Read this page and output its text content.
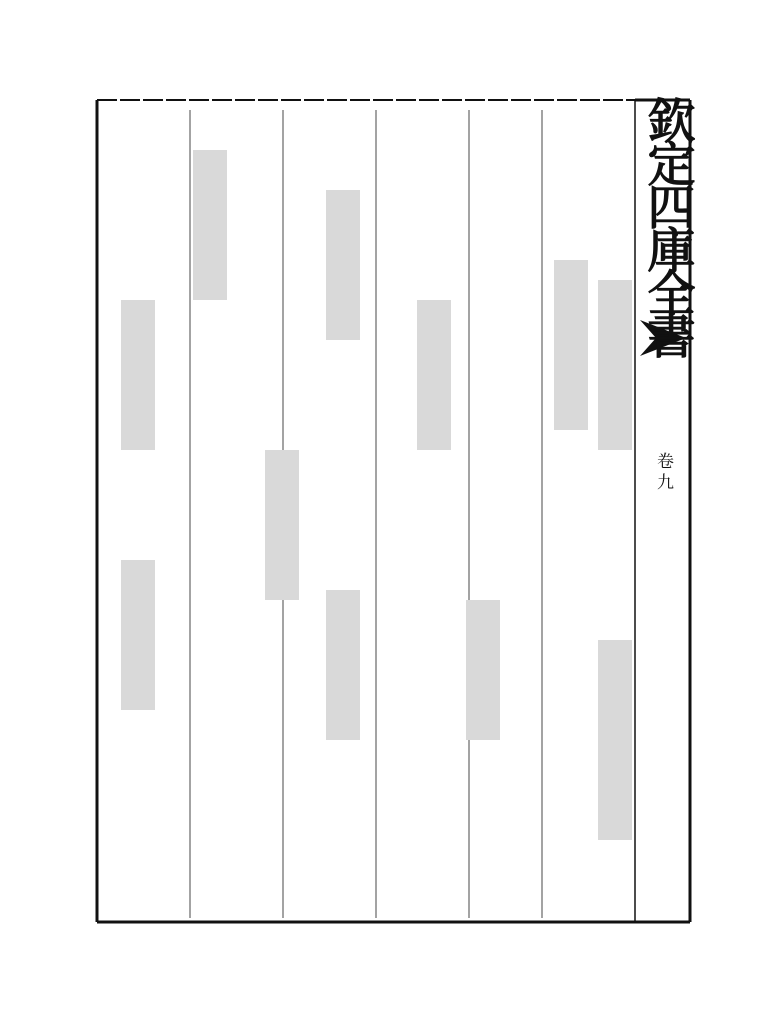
欽定四庫全書

卷九
